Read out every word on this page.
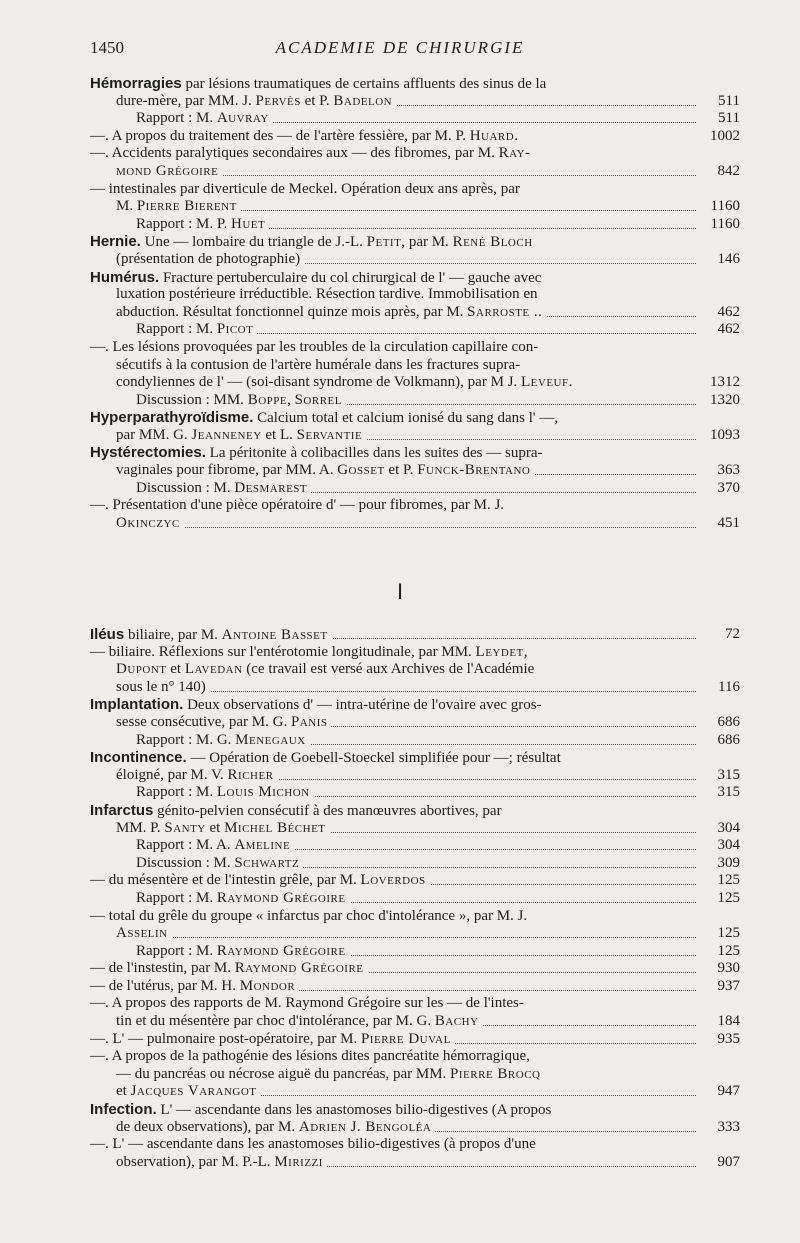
1450	ACADEMIE DE CHIRURGIE
Hémorragies par lésions traumatiques de certains affluents des sinus de la
dure-mère, par MM. J. Pervès et P. Badelon	511
Rapport : M. Auvray	511
—. A propos du traitement des — de l'artère fessière, par M. P. Huard.	1002
—. Accidents paralytiques secondaires aux — des fibromes, par M. Ray-
mond Grégoire	842
— intestinales par diverticule de Meckel. Opération deux ans après, par
M. Pierre Bierent	1160
Rapport : M. P. Huet	1160
Hernie. Une — lombaire du triangle de J.-L. Petit, par M. René Bloch
(présentation de photographie)	146
Humérus. Fracture pertuberculaire du col chirurgical de l' — gauche avec
luxation postérieure irréductible. Résection tardive. Immobilisation en
abduction. Résultat fonctionnel quinze mois après, par M. Sarroste ..	462
Rapport : M. Picot	462
—. Les lésions provoquées par les troubles de la circulation capillaire con-
sécutifs à la contusion de l'artère humérale dans les fractures supra-
condyliennes de l' — (soi-disant syndrome de Volkmann), par M J. Leveuf.	1312
Discussion : MM. Boppe, Sorrel	1320
Hyperparathyroïdisme. Calcium total et calcium ionisé du sang dans l' —,
par MM. G. Jeanneney et L. Servantie	1093
Hystérectomies. La péritonite à colibacilles dans les suites des — supra-
vaginales pour fibrome, par MM. A. Gosset et P. Funck-Brentano	363
Discussion : M. Desmarest	370
—. Présentation d'une pièce opératoire d' — pour fibromes, par M. J.
Okinczyc	451
I
Iléus biliaire, par M. Antoine Basset	72
— biliaire. Réflexions sur l'entérotomie longitudinale, par MM. Leydet,
Dupont et Lavedan (ce travail est versé aux Archives de l'Académie
sous le n° 140)	116
Implantation. Deux observations d' — intra-utérine de l'ovaire avec gros-
sesse consécutive, par M. G. Panis	686
Rapport : M. G. Menegaux	686
Incontinence. — Opération de Goebell-Stoeckel simplifiée pour —; résultat
éloigné, par M. V. Richer	315
Rapport : M. Louis Michon	315
Infarctus génito-pelvien consécutif à des manœuvres abortives, par
MM. P. Santy et Michel Béchet	304
Rapport : M. A. Ameline	304
Discussion : M. Schwartz	309
— du mésentère et de l'intestin grêle, par M. Loverdos	125
Rapport : M. Raymond Grégoire	125
— total du grêle du groupe « infarctus par choc d'intolérance », par M. J.
Asselin	125
Rapport : M. Raymond Grégoire	125
— de l'instestin, par M. Raymond Grégoire	930
— de l'utérus, par M. H. Mondor	937
—. A propos des rapports de M. Raymond Grégoire sur les — de l'intes-
tin et du mésentère par choc d'intolérance, par M. G. Bachy	184
—. L' — pulmonaire post-opératoire, par M. Pierre Duval	935
—. A propos de la pathogénie des lésions dites pancréatite hémorragique,
— du pancréas ou nécrose aiguë du pancréas, par MM. Pierre Brocq
et Jacques Varangot	947
Infection. L' — ascendante dans les anastomoses bilio-digestives (A propos
de deux observations), par M. Adrien J. Bengoléa	333
—. L' — ascendante dans les anastomoses bilio-digestives (à propos d'une
observation), par M. P.-L. Mirizzi	907
